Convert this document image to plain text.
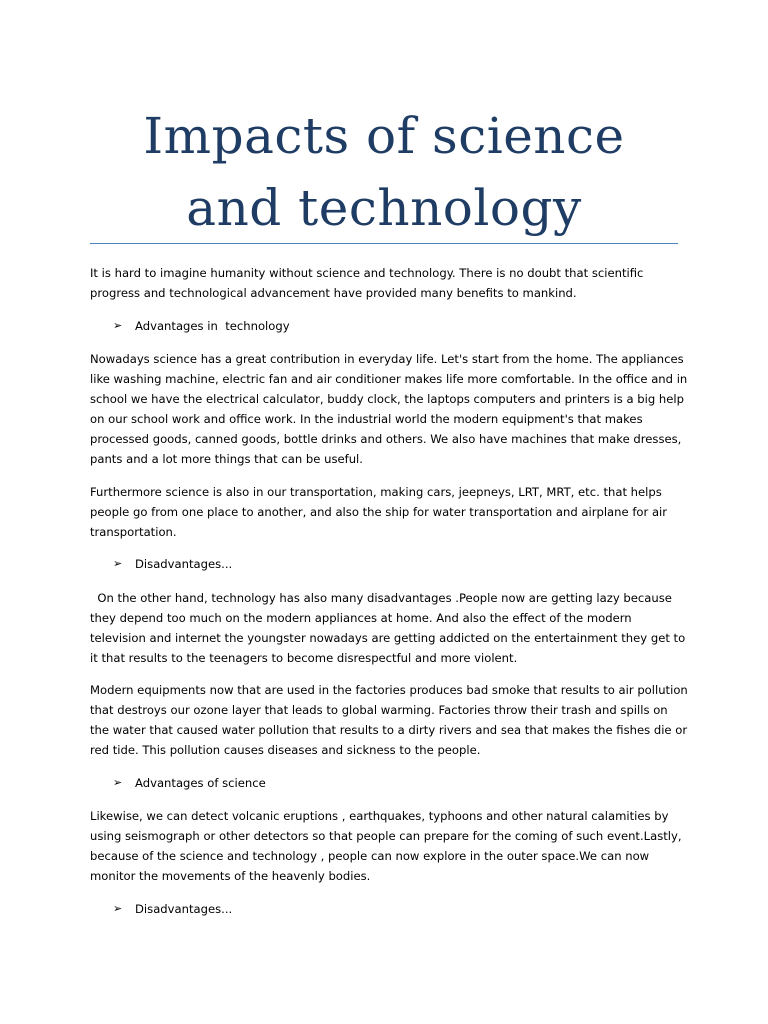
Impacts of science and technology

It is hard to imagine humanity without science and technology. There is no doubt that scientific progress and technological advancement have provided many benefits to mankind.

➢ Advantages in  technology

Nowadays science has a great contribution in everyday life. Let's start from the home. The appliances like washing machine, electric fan and air conditioner makes life more comfortable. In the office and in school we have the electrical calculator, buddy clock, the laptops computers and printers is a big help on our school work and office work. In the industrial world the modern equipment's that makes processed goods, canned goods, bottle drinks and others. We also have machines that make dresses, pants and a lot more things that can be useful.

Furthermore science is also in our transportation, making cars, jeepneys, LRT, MRT, etc. that helps people go from one place to another, and also the ship for water transportation and airplane for air transportation.

➢ Disadvantages...

On the other hand, technology has also many disadvantages .People now are getting lazy because they depend too much on the modern appliances at home. And also the effect of the modern television and internet the youngster nowadays are getting addicted on the entertainment they get to it that results to the teenagers to become disrespectful and more violent.

Modern equipments now that are used in the factories produces bad smoke that results to air pollution that destroys our ozone layer that leads to global warming. Factories throw their trash and spills on the water that caused water pollution that results to a dirty rivers and sea that makes the fishes die or red tide. This pollution causes diseases and sickness to the people.

➢ Advantages of science

Likewise, we can detect volcanic eruptions , earthquakes, typhoons and other natural calamities by using seismograph or other detectors so that people can prepare for the coming of such event.Lastly, because of the science and technology , people can now explore in the outer space.We can now monitor the movements of the heavenly bodies.

➢ Disadvantages...
